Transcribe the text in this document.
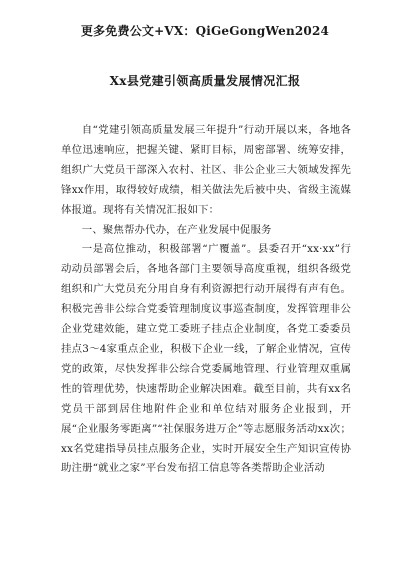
更多免费公文+VX：QiGeGongWen2024
Xx县党建引领高质量发展情况汇报

自“党建引领高质量发展三年提升”行动开展以来，各地各单位迅速响应，把握关键、紧盯目标，周密部署、统筹安排，组织广大党员干部深入农村、社区、非公企业三大领域发挥先锋xx作用，取得较好成绩，相关做法先后被中央、省级主流媒体报道。现将有关情况汇报如下：

一、聚焦帮办代办，在产业发展中促服务

一是高位推动，积极部署“广覆盖”。县委召开“xx·xx”行动动员部署会后，各地各部门主要领导高度重视，组织各级党组织和广大党员充分用自身有利资源把行动开展得有声有色。积极完善非公综合党委管理制度议事巡查制度，发挥管理非公企业党建效能，建立党工委班子挂点企业制度，各党工委委员挂点3～4家重点企业，积极下企业一线，了解企业情况，宣传党的政策，尽快发挥非公综合党委属地管理、行业管理双重属性的管理优势，快速帮助企业解决困难。截至目前，共有xx名党员干部到居住地附件企业和单位结对服务企业报到，开展“企业服务零距离”“社保服务进万企”等志愿服务活动xx次；xx名党建指导员挂点服务企业，实时开展安全生产知识宣传协助注册“就业之家”平台发布招工信息等各类帮助企业活动
